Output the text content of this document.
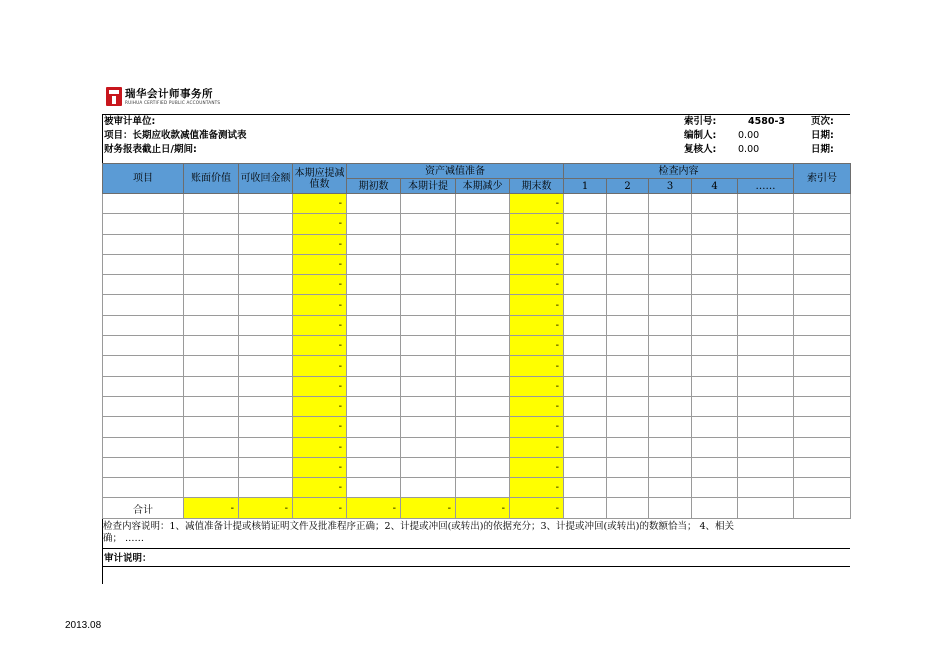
瑞华会计师事务所
RUIHUA CERTIFIED PUBLIC ACCOUNTANTS
被审计单位:
项目：长期应收款减值准备测试表
财务报表截止日/期间:
索引号:	4580-3
编制人: 0.00
复核人: 0.00
页次:
日期:
日期:
项目	账面价值	可收回金额	本期应提减值数	资产减值准备				检查内容					索引号
				期初数	本期计提	本期减少	期末数	1	2	3	4	……	
			-				-						
			-				-						
			-				-						
			-				-						
			-				-						
			-				-						
			-				-						
			-				-						
			-				-						
			-				-						
			-				-						
			-				-						
			-				-						
			-				-						
			-				-						
合计	-	-	-	-	-	-	-						
检查内容说明：1、减值准备计提或核销证明文件及批准程序正确；2、计提或冲回(或转出)的依据充分；3、计提或冲回(或转出)的数额恰当； 4、相关
确； ……
审计说明：
2013.08
